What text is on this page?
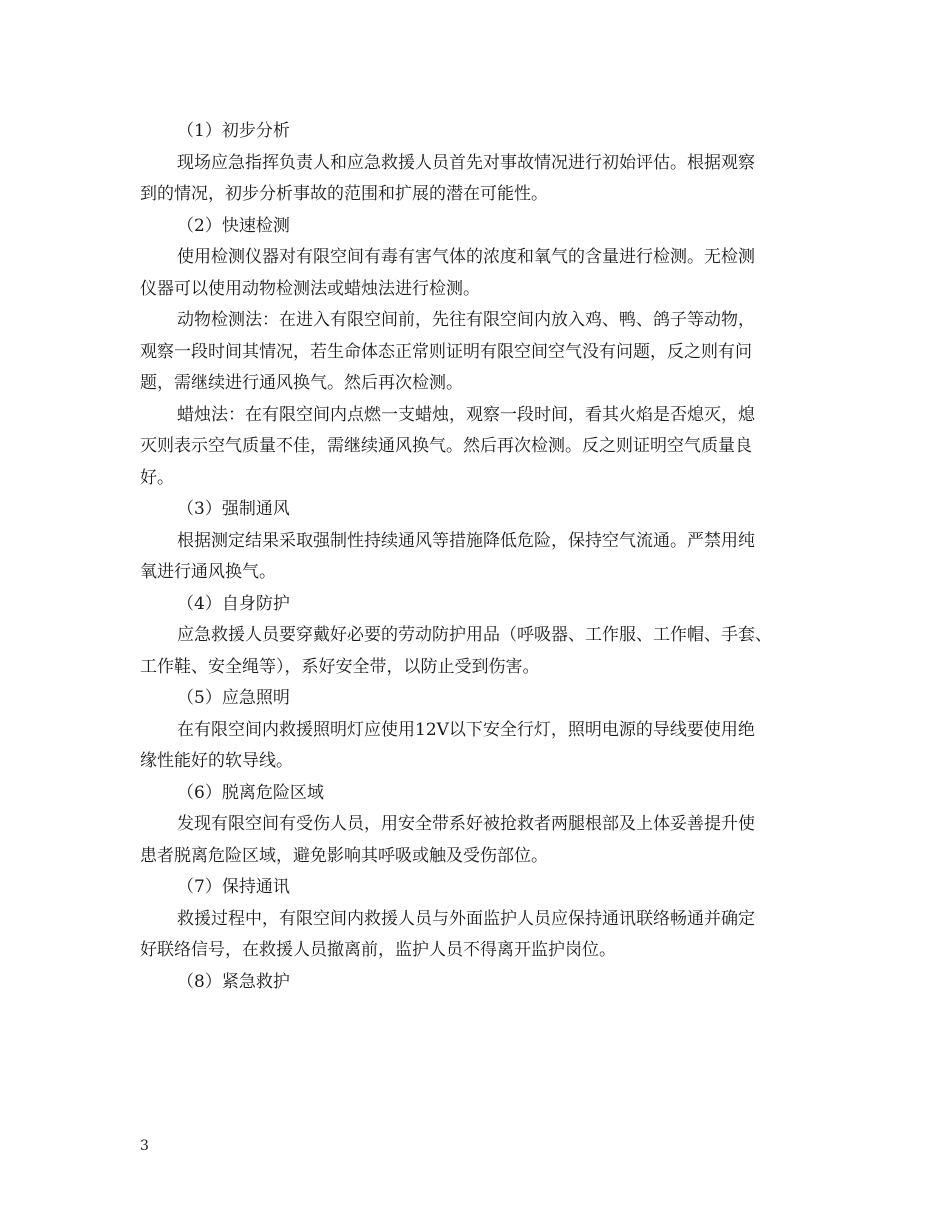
（1）初步分析
现场应急指挥负责人和应急救援人员首先对事故情况进行初始评估。根据观察
到的情况，初步分析事故的范围和扩展的潜在可能性。
（2）快速检测
使用检测仪器对有限空间有毒有害气体的浓度和氧气的含量进行检测。无检测
仪器可以使用动物检测法或蜡烛法进行检测。
动物检测法：在进入有限空间前，先往有限空间内放入鸡、鸭、鸽子等动物，
观察一段时间其情况，若生命体态正常则证明有限空间空气没有问题，反之则有问
题，需继续进行通风换气。然后再次检测。
蜡烛法：在有限空间内点燃一支蜡烛，观察一段时间，看其火焰是否熄灭，熄
灭则表示空气质量不佳，需继续通风换气。然后再次检测。反之则证明空气质量良
好。
（3）强制通风
根据测定结果采取强制性持续通风等措施降低危险，保持空气流通。严禁用纯
氧进行通风换气。
（4）自身防护
应急救援人员要穿戴好必要的劳动防护用品（呼吸器、工作服、工作帽、手套、
工作鞋、安全绳等），系好安全带，以防止受到伤害。
（5）应急照明
在有限空间内救援照明灯应使用12V以下安全行灯，照明电源的导线要使用绝
缘性能好的软导线。
（6）脱离危险区域
发现有限空间有受伤人员，用安全带系好被抢救者两腿根部及上体妥善提升使
患者脱离危险区域，避免影响其呼吸或触及受伤部位。
（7）保持通讯
救援过程中，有限空间内救援人员与外面监护人员应保持通讯联络畅通并确定
好联络信号，在救援人员撤离前，监护人员不得离开监护岗位。
（8）紧急救护
3
